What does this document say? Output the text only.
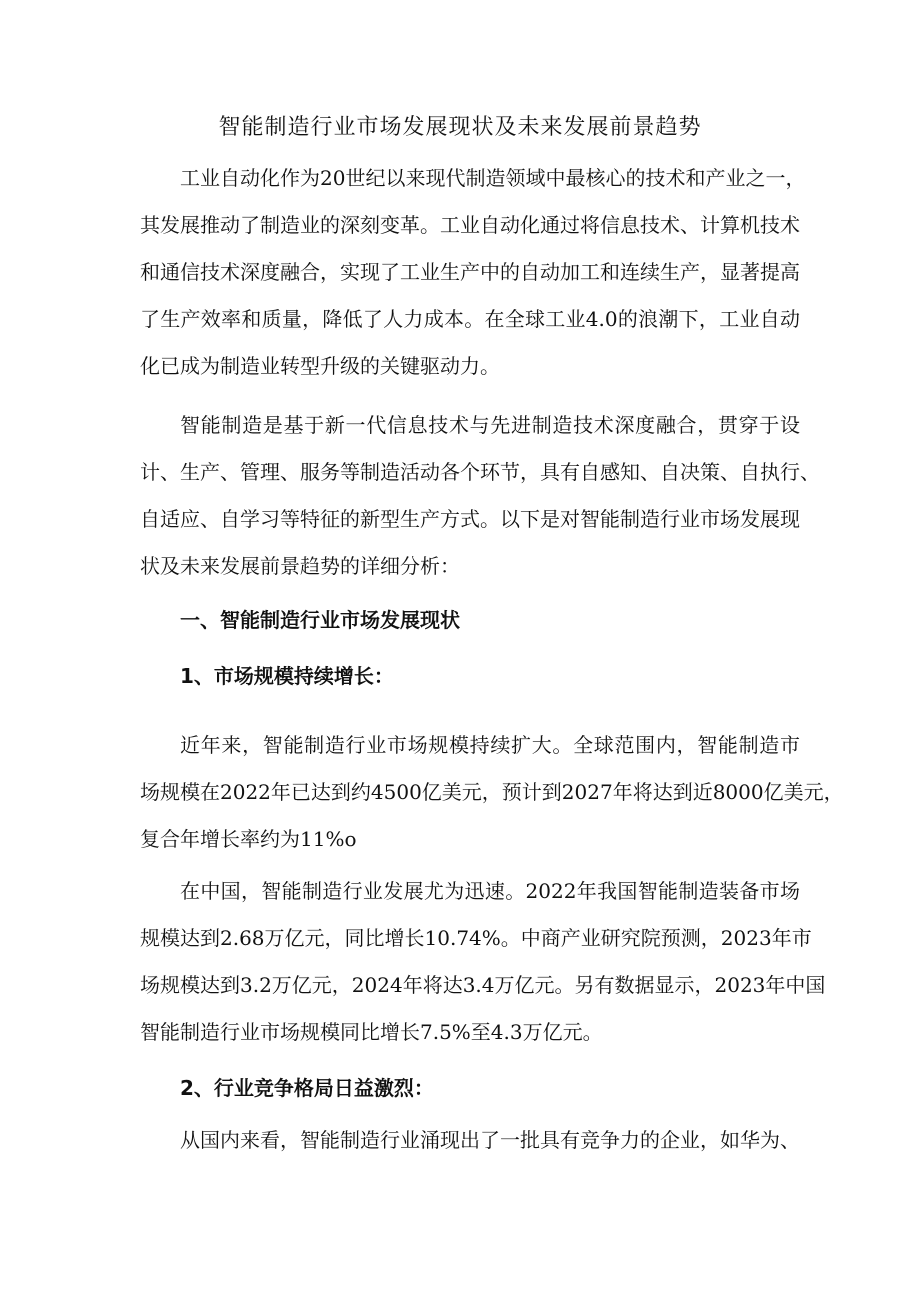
智能制造行业市场发展现状及未来发展前景趋势
工业自动化作为20世纪以来现代制造领域中最核心的技术和产业之一，
其发展推动了制造业的深刻变革。工业自动化通过将信息技术、计算机技术
和通信技术深度融合，实现了工业生产中的自动加工和连续生产，显著提高
了生产效率和质量，降低了人力成本。在全球工业4.0的浪潮下，工业自动
化已成为制造业转型升级的关键驱动力。
智能制造是基于新一代信息技术与先进制造技术深度融合，贯穿于设
计、生产、管理、服务等制造活动各个环节，具有自感知、自决策、自执行、
自适应、自学习等特征的新型生产方式。以下是对智能制造行业市场发展现
状及未来发展前景趋势的详细分析：
一、智能制造行业市场发展现状
1、市场规模持续增长：
近年来，智能制造行业市场规模持续扩大。全球范围内，智能制造市
场规模在2022年已达到约4500亿美元，预计到2027年将达到近8000亿美元，
复合年增长率约为11%o
在中国，智能制造行业发展尤为迅速。2022年我国智能制造装备市场
规模达到2.68万亿元，同比增长10.74%。中商产业研究院预测，2023年市
场规模达到3.2万亿元，2024年将达3.4万亿元。另有数据显示，2023年中国
智能制造行业市场规模同比增长7.5%至4.3万亿元。
2、行业竞争格局日益激烈：
从国内来看，智能制造行业涌现出了一批具有竞争力的企业，如华为、
